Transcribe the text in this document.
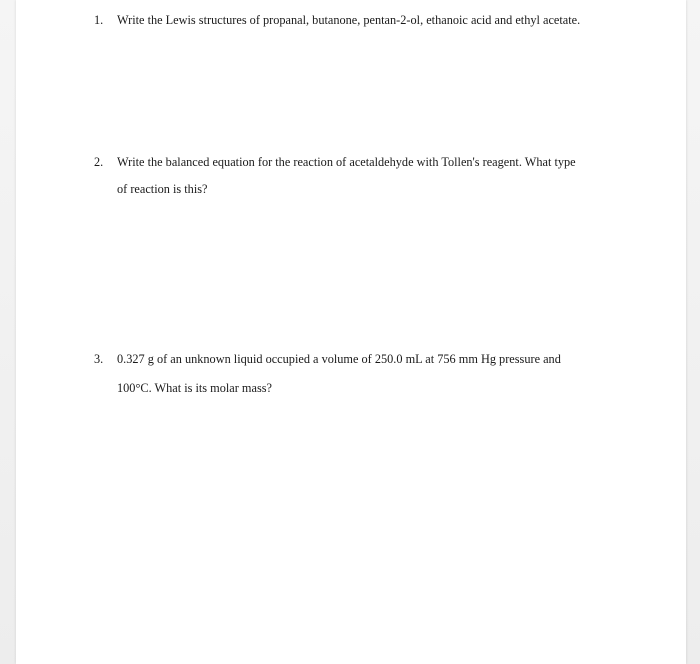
1. Write the Lewis structures of propanal, butanone, pentan-2-ol, ethanoic acid and ethyl acetate.
2. Write the balanced equation for the reaction of acetaldehyde with Tollen's reagent. What type
of reaction is this?
3. 0.327 g of an unknown liquid occupied a volume of 250.0 mL at 756 mm Hg pressure and
100°C. What is its molar mass?
